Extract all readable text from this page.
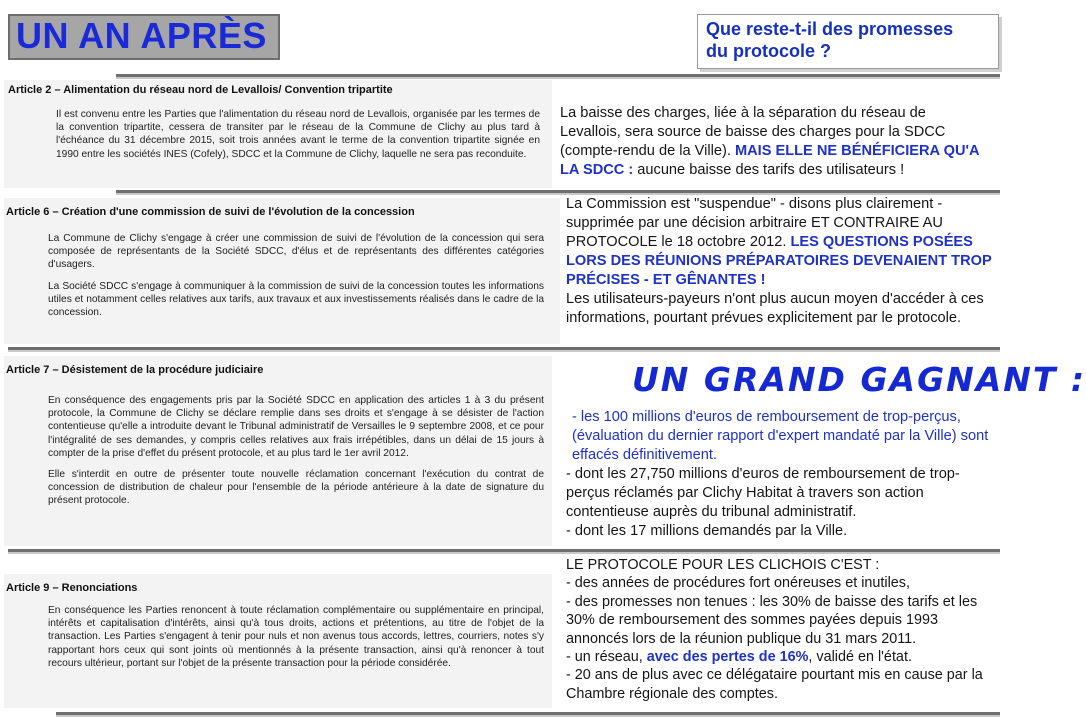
UN AN APRÈS	Que reste-t-il des promesses
du protocole ?
Article 2 – Alimentation du réseau nord de Levallois/ Convention tripartite

Il est convenu entre les Parties que l'alimentation du réseau nord de Levallois, organisée par les termes de la convention tripartite, cessera de transiter par le réseau de la Commune de Clichy au plus tard à l'échéance du 31 décembre 2015, soit trois années avant le terme de la convention tripartite signée en 1990 entre les sociétés INES (Cofely), SDCC et la Commune de Clichy, laquelle ne sera pas reconduite.

Article 6 – Création d'une commission de suivi de l'évolution de la concession

La Commune de Clichy s'engage à créer une commission de suivi de l'évolution de la concession qui sera composée de représentants de la Société SDCC, d'élus et de représentants des différentes catégories d'usagers.

La Société SDCC s'engage à communiquer à la commission de suivi de la concession toutes les informations utiles et notamment celles relatives aux tarifs, aux travaux et aux investissements réalisés dans le cadre de la concession.

Article 7 – Désistement de la procédure judiciaire

En conséquence des engagements pris par la Société SDCC en application des articles 1 à 3 du présent protocole, la Commune de Clichy se déclare remplie dans ses droits et s'engage à se désister de l'action contentieuse qu'elle a introduite devant le Tribunal administratif de Versailles le 9 septembre 2008, et ce pour l'intégralité de ses demandes, y compris celles relatives aux frais irrépétibles, dans un délai de 15 jours à compter de la prise d'effet du présent protocole, et au plus tard le 1er avril 2012.

Elle s'interdit en outre de présenter toute nouvelle réclamation concernant l'exécution du contrat de concession de distribution de chaleur pour l'ensemble de la période antérieure à la date de signature du présent protocole.

Article 9 – Renonciations

En conséquence les Parties renoncent à toute réclamation complémentaire ou supplémentaire en principal, intérêts et capitalisation d'intérêts, ainsi qu'à tous droits, actions et prétentions, au titre de l'objet de la transaction. Les Parties s'engagent à tenir pour nuls et non avenus tous accords, lettres, courriers, notes s'y rapportant hors ceux qui sont joints où mentionnés à la présente transaction, ainsi qu'à renoncer à tout recours ultérieur, portant sur l'objet de la présente transaction pour la période considérée.

La baisse des charges, liée à la séparation du réseau de Levallois, sera source de baisse des charges pour la SDCC (compte-rendu de la Ville). MAIS ELLE NE BÉNÉFICIERA QU'A LA SDCC : aucune baisse des tarifs des utilisateurs !
La Commission est "suspendue" - disons plus clairement - supprimée par une décision arbitraire ET CONTRAIRE AU PROTOCOLE le 18 octobre 2012. LES QUESTIONS POSÉES LORS DES RÉUNIONS PRÉPARATOIRES DEVENAIENT TROP PRÉCISES - ET GÊNANTES !

Les utilisateurs-payeurs n'ont plus aucun moyen d'accéder à ces informations, pourtant prévues explicitement par le protocole.

UN GRAND GAGNANT :

- les 100 millions d'euros de remboursement de trop-perçus, (évaluation du dernier rapport d'expert mandaté par la Ville) sont effacés définitivement.

- dont les 27,750 millions d'euros de remboursement de trop-perçus réclamés par Clichy Habitat à travers son action contentieuse auprès du tribunal administratif.

- dont les 17 millions demandés par la Ville.

LE PROTOCOLE POUR LES CLICHOIS C'EST :

- des années de procédures fort onéreuses et inutiles,

- des promesses non tenues : les 30% de baisse des tarifs et les 30% de remboursement des sommes payées depuis 1993 annoncés lors de la réunion publique du 31 mars 2011.

- un réseau, avec des pertes de 16%, validé en l'état.

- 20 ans de plus avec ce délégataire pourtant mis en cause par la Chambre régionale des comptes.
